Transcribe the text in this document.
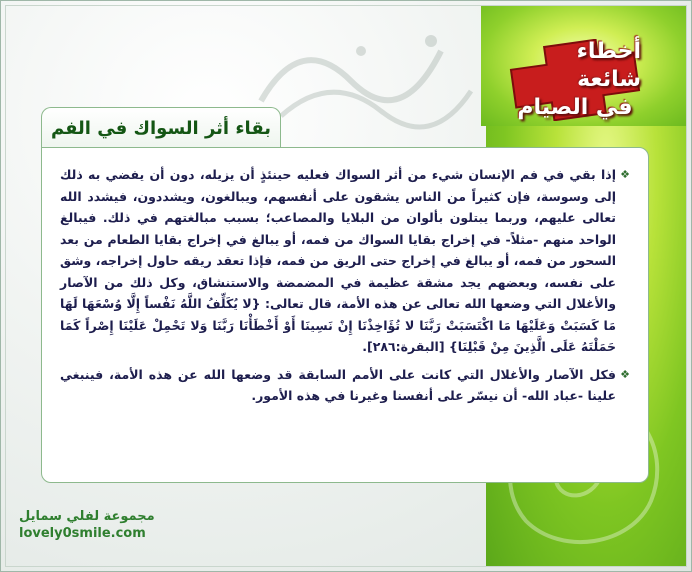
أخطاء شائعة
في الصيام
بقاء أثر السواك في الفم

❖
إذا بقي في فم الإنسان شيء من أثر السواك فعليه حينئذٍ أن يزيله، دون أن يفضي به ذلك إلى وسوسة، فإن كثيراً من الناس يشقون على أنفسهم، ويبالغون، ويشددون، فيشدد الله تعالى عليهم، وربما يبتلون بألوان من البلايا والمصاعب؛ بسبب مبالغتهم في ذلك. فيبالغ الواحد منهم -مثلاً- في إخراج بقايا السواك من فمه، أو يبالغ في إخراج بقايا الطعام من بعد السحور من فمه، أو يبالغ في إخراج حتى الريق من فمه، فإذا تعقد ريقه حاول إخراجه، وشق على نفسه، وبعضهم يجد مشقة عظيمة في المضمضة والاستنشاق، وكل ذلك من الآصار والأغلال التي وضعها الله تعالى عن هذه الأمة، قال تعالى: {لا يُكَلِّفُ اللَّهُ نَفْساً إِلَّا وُسْعَهَا لَهَا مَا كَسَبَتْ وَعَلَيْهَا مَا اكْتَسَبَتْ رَبَّنَا لا تُؤَاخِذْنَا إِنْ نَسِينَا أَوْ أَخْطَأْنَا رَبَّنَا وَلا تَحْمِلْ عَلَيْنَا إِصْراً كَمَا حَمَلْتَهُ عَلَى الَّذِينَ مِنْ قَبْلِنَا} [البقرة:٢٨٦].

❖
فكل الآصار والأغلال التي كانت على الأمم السابقة قد وضعها الله عن هذه الأمة، فينبغي علينا -عباد الله- أن نيسّر على أنفسنا وغيرنا في هذه الأمور.

مجموعة لفلي سمايل
lovely0smile.com
